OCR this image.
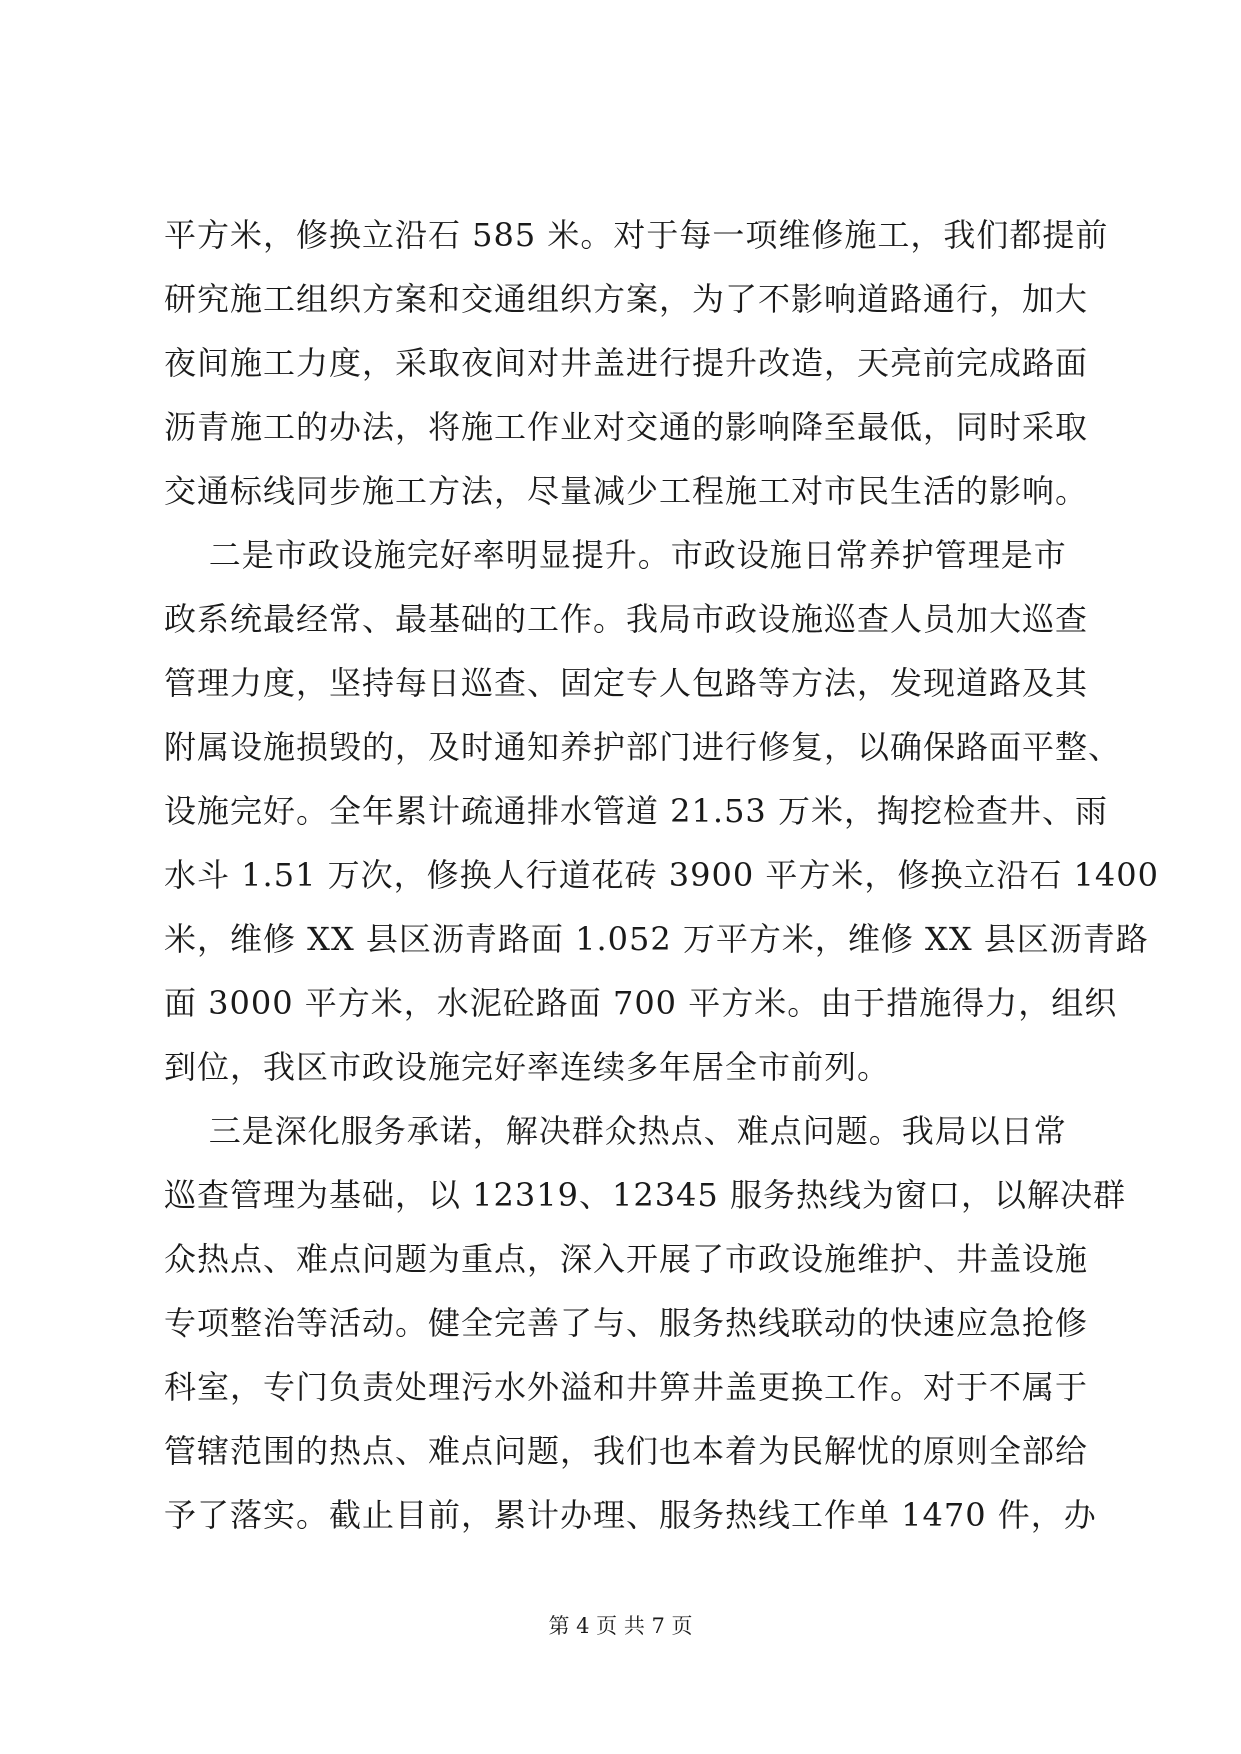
平方米，修换立沿石 585 米。对于每一项维修施工，我们都提前
研究施工组织方案和交通组织方案，为了不影响道路通行，加大
夜间施工力度，采取夜间对井盖进行提升改造，天亮前完成路面
沥青施工的办法，将施工作业对交通的影响降至最低，同时采取
交通标线同步施工方法，尽量减少工程施工对市民生活的影响。
二是市政设施完好率明显提升。市政设施日常养护管理是市
政系统最经常、最基础的工作。我局市政设施巡查人员加大巡查
管理力度，坚持每日巡查、固定专人包路等方法，发现道路及其
附属设施损毁的，及时通知养护部门进行修复，以确保路面平整、
设施完好。全年累计疏通排水管道 21.53 万米，掏挖检查井、雨
水斗 1.51 万次，修换人行道花砖 3900 平方米，修换立沿石 1400
米，维修 XX 县区沥青路面 1.052 万平方米，维修 XX 县区沥青路
面 3000 平方米，水泥砼路面 700 平方米。由于措施得力，组织
到位，我区市政设施完好率连续多年居全市前列。
三是深化服务承诺，解决群众热点、难点问题。我局以日常
巡查管理为基础，以 12319、12345 服务热线为窗口，以解决群
众热点、难点问题为重点，深入开展了市政设施维护、井盖设施
专项整治等活动。健全完善了与、服务热线联动的快速应急抢修
科室，专门负责处理污水外溢和井箅井盖更换工作。对于不属于
管辖范围的热点、难点问题，我们也本着为民解忧的原则全部给
予了落实。截止目前，累计办理、服务热线工作单 1470 件，办
第 4 页 共 7 页
